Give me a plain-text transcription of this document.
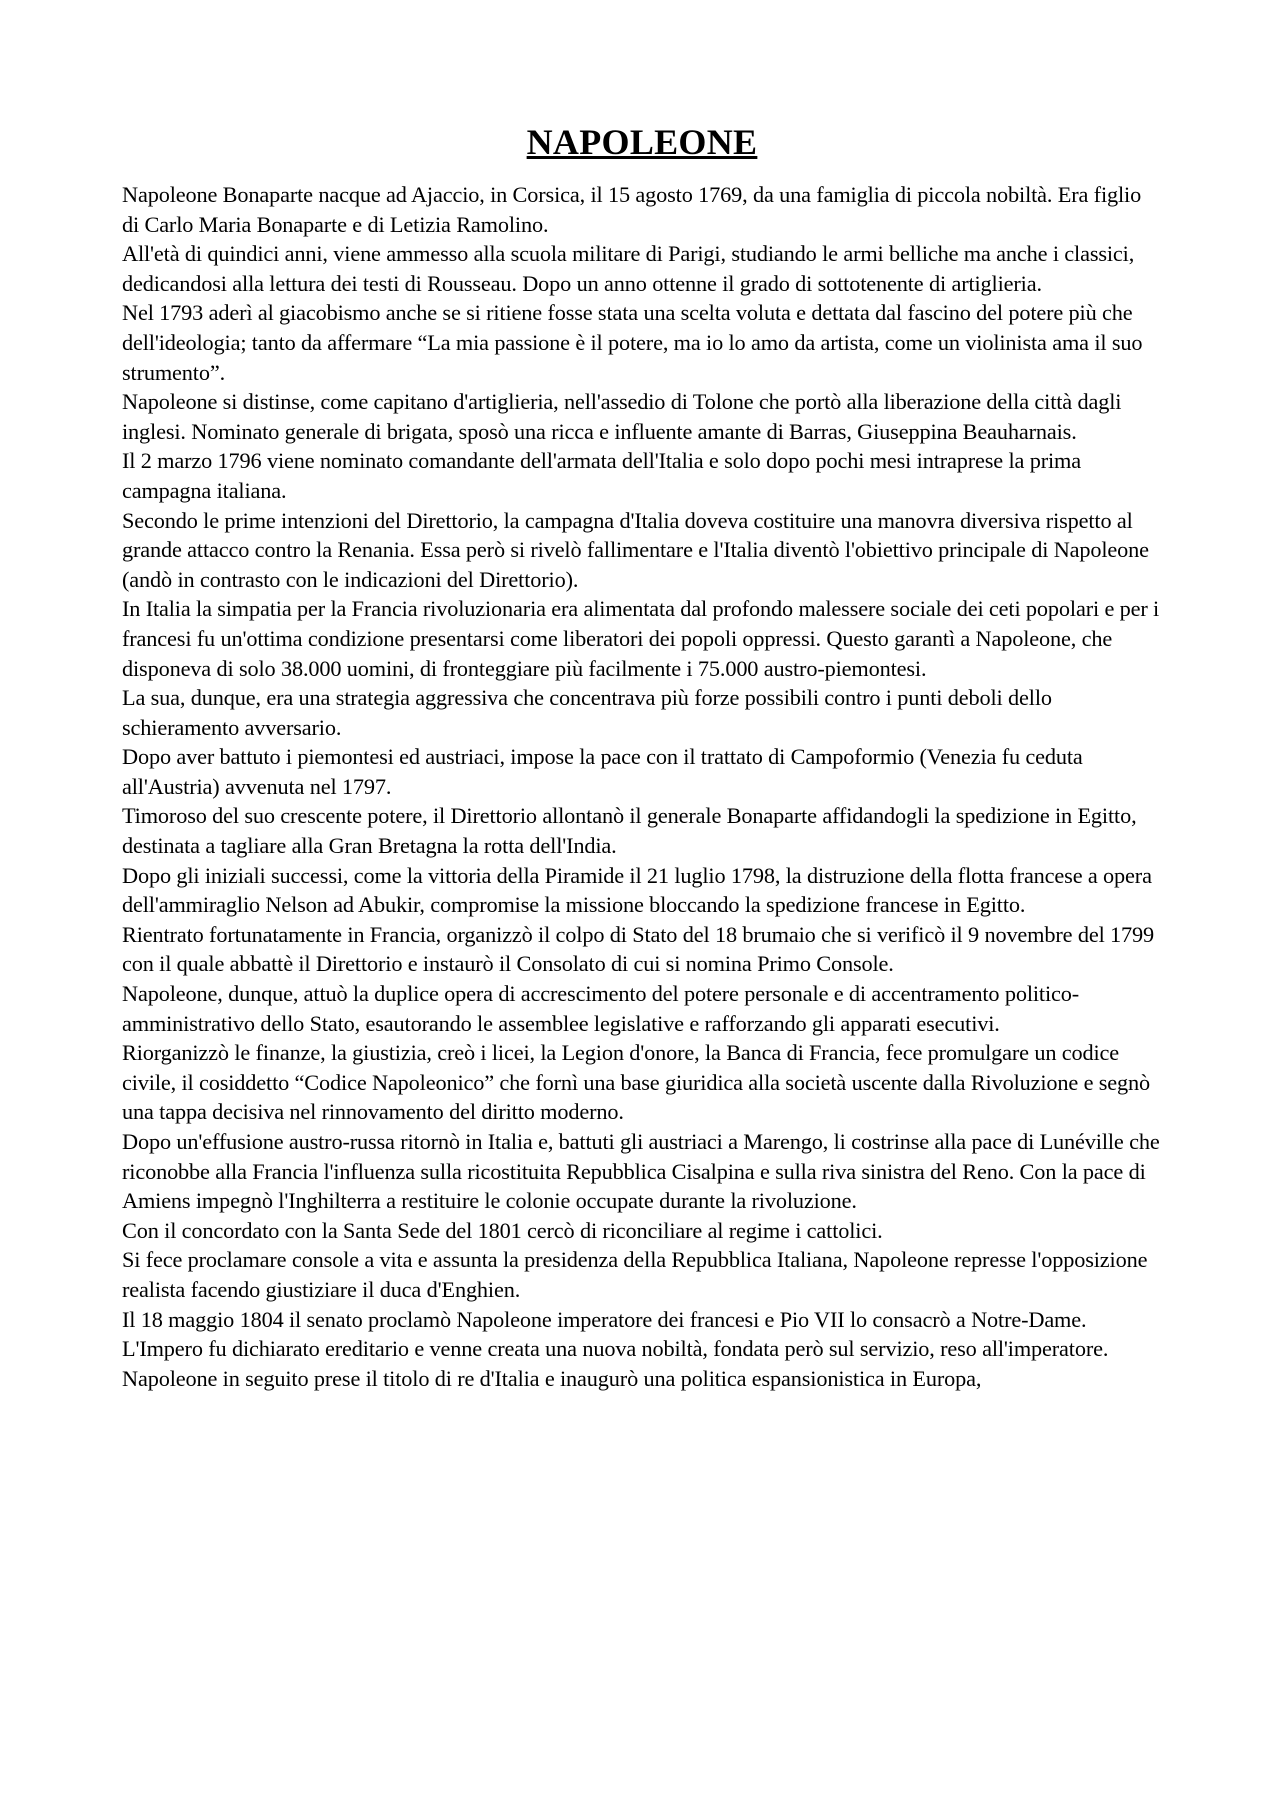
NAPOLEONE

Napoleone Bonaparte nacque ad Ajaccio, in Corsica, il 15 agosto 1769, da una famiglia di piccola nobiltà. Era figlio di Carlo Maria Bonaparte e di Letizia Ramolino.

All'età di quindici anni, viene ammesso alla scuola militare di Parigi, studiando le armi belliche ma anche i classici, dedicandosi alla lettura dei testi di Rousseau. Dopo un anno ottenne il grado di sottotenente di artiglieria.

Nel 1793 aderì al giacobismo anche se si ritiene fosse stata una scelta voluta e dettata dal fascino del potere più che dell'ideologia; tanto da affermare “La mia passione è il potere, ma io lo amo da artista, come un violinista ama il suo strumento”.

Napoleone si distinse, come capitano d'artiglieria, nell'assedio di Tolone che portò alla liberazione della città dagli inglesi. Nominato generale di brigata, sposò una ricca e influente amante di Barras, Giuseppina Beauharnais.

Il 2 marzo 1796 viene nominato comandante dell'armata dell'Italia e solo dopo pochi mesi intraprese la prima campagna italiana.

Secondo le prime intenzioni del Direttorio, la campagna d'Italia doveva costituire una manovra diversiva rispetto al grande attacco contro la Renania. Essa però si rivelò fallimentare e l'Italia diventò l'obiettivo principale di Napoleone (andò in contrasto con le indicazioni del Direttorio).

In Italia la simpatia per la Francia rivoluzionaria era alimentata dal profondo malessere sociale dei ceti popolari e per i francesi fu un'ottima condizione presentarsi come liberatori dei popoli oppressi. Questo garantì a Napoleone, che disponeva di solo 38.000 uomini, di fronteggiare più facilmente i 75.000 austro-piemontesi.

La sua, dunque, era una strategia aggressiva che concentrava più forze possibili contro i punti deboli dello schieramento avversario.

Dopo aver battuto i piemontesi ed austriaci, impose la pace con il trattato di Campoformio (Venezia fu ceduta all'Austria) avvenuta nel 1797.

Timoroso del suo crescente potere, il Direttorio allontanò il generale Bonaparte affidandogli la spedizione in Egitto, destinata a tagliare alla Gran Bretagna la rotta dell'India.

Dopo gli iniziali successi, come la vittoria della Piramide il 21 luglio 1798, la distruzione della flotta francese a opera dell'ammiraglio Nelson ad Abukir, compromise la missione bloccando la spedizione francese in Egitto.

Rientrato fortunatamente in Francia, organizzò il colpo di Stato del 18 brumaio che si verificò il 9 novembre del 1799 con il quale abbattè il Direttorio e instaurò il Consolato di cui si nomina Primo Console.

Napoleone, dunque, attuò la duplice opera di accrescimento del potere personale e di accentramento politico-amministrativo dello Stato, esautorando le assemblee legislative e rafforzando gli apparati esecutivi.

Riorganizzò le finanze, la giustizia, creò i licei, la Legion d'onore, la Banca di Francia, fece promulgare un codice civile, il cosiddetto “Codice Napoleonico” che fornì una base giuridica alla società uscente dalla Rivoluzione e segnò una tappa decisiva nel rinnovamento del diritto moderno.

Dopo un'effusione austro-russa ritornò in Italia e, battuti gli austriaci a Marengo, li costrinse alla pace di Lunéville che riconobbe alla Francia l'influenza sulla ricostituita Repubblica Cisalpina e sulla riva sinistra del Reno. Con la pace di Amiens impegnò l'Inghilterra a restituire le colonie occupate durante la rivoluzione.

Con il concordato con la Santa Sede del 1801 cercò di riconciliare al regime i cattolici.

Si fece proclamare console a vita e assunta la presidenza della Repubblica Italiana, Napoleone represse l'opposizione realista facendo giustiziare il duca d'Enghien.

Il 18 maggio 1804 il senato proclamò Napoleone imperatore dei francesi e Pio VII lo consacrò a Notre-Dame.

L'Impero fu dichiarato ereditario e venne creata una nuova nobiltà, fondata però sul servizio, reso all'imperatore.

Napoleone in seguito prese il titolo di re d'Italia e inaugurò una politica espansionistica in Europa,
